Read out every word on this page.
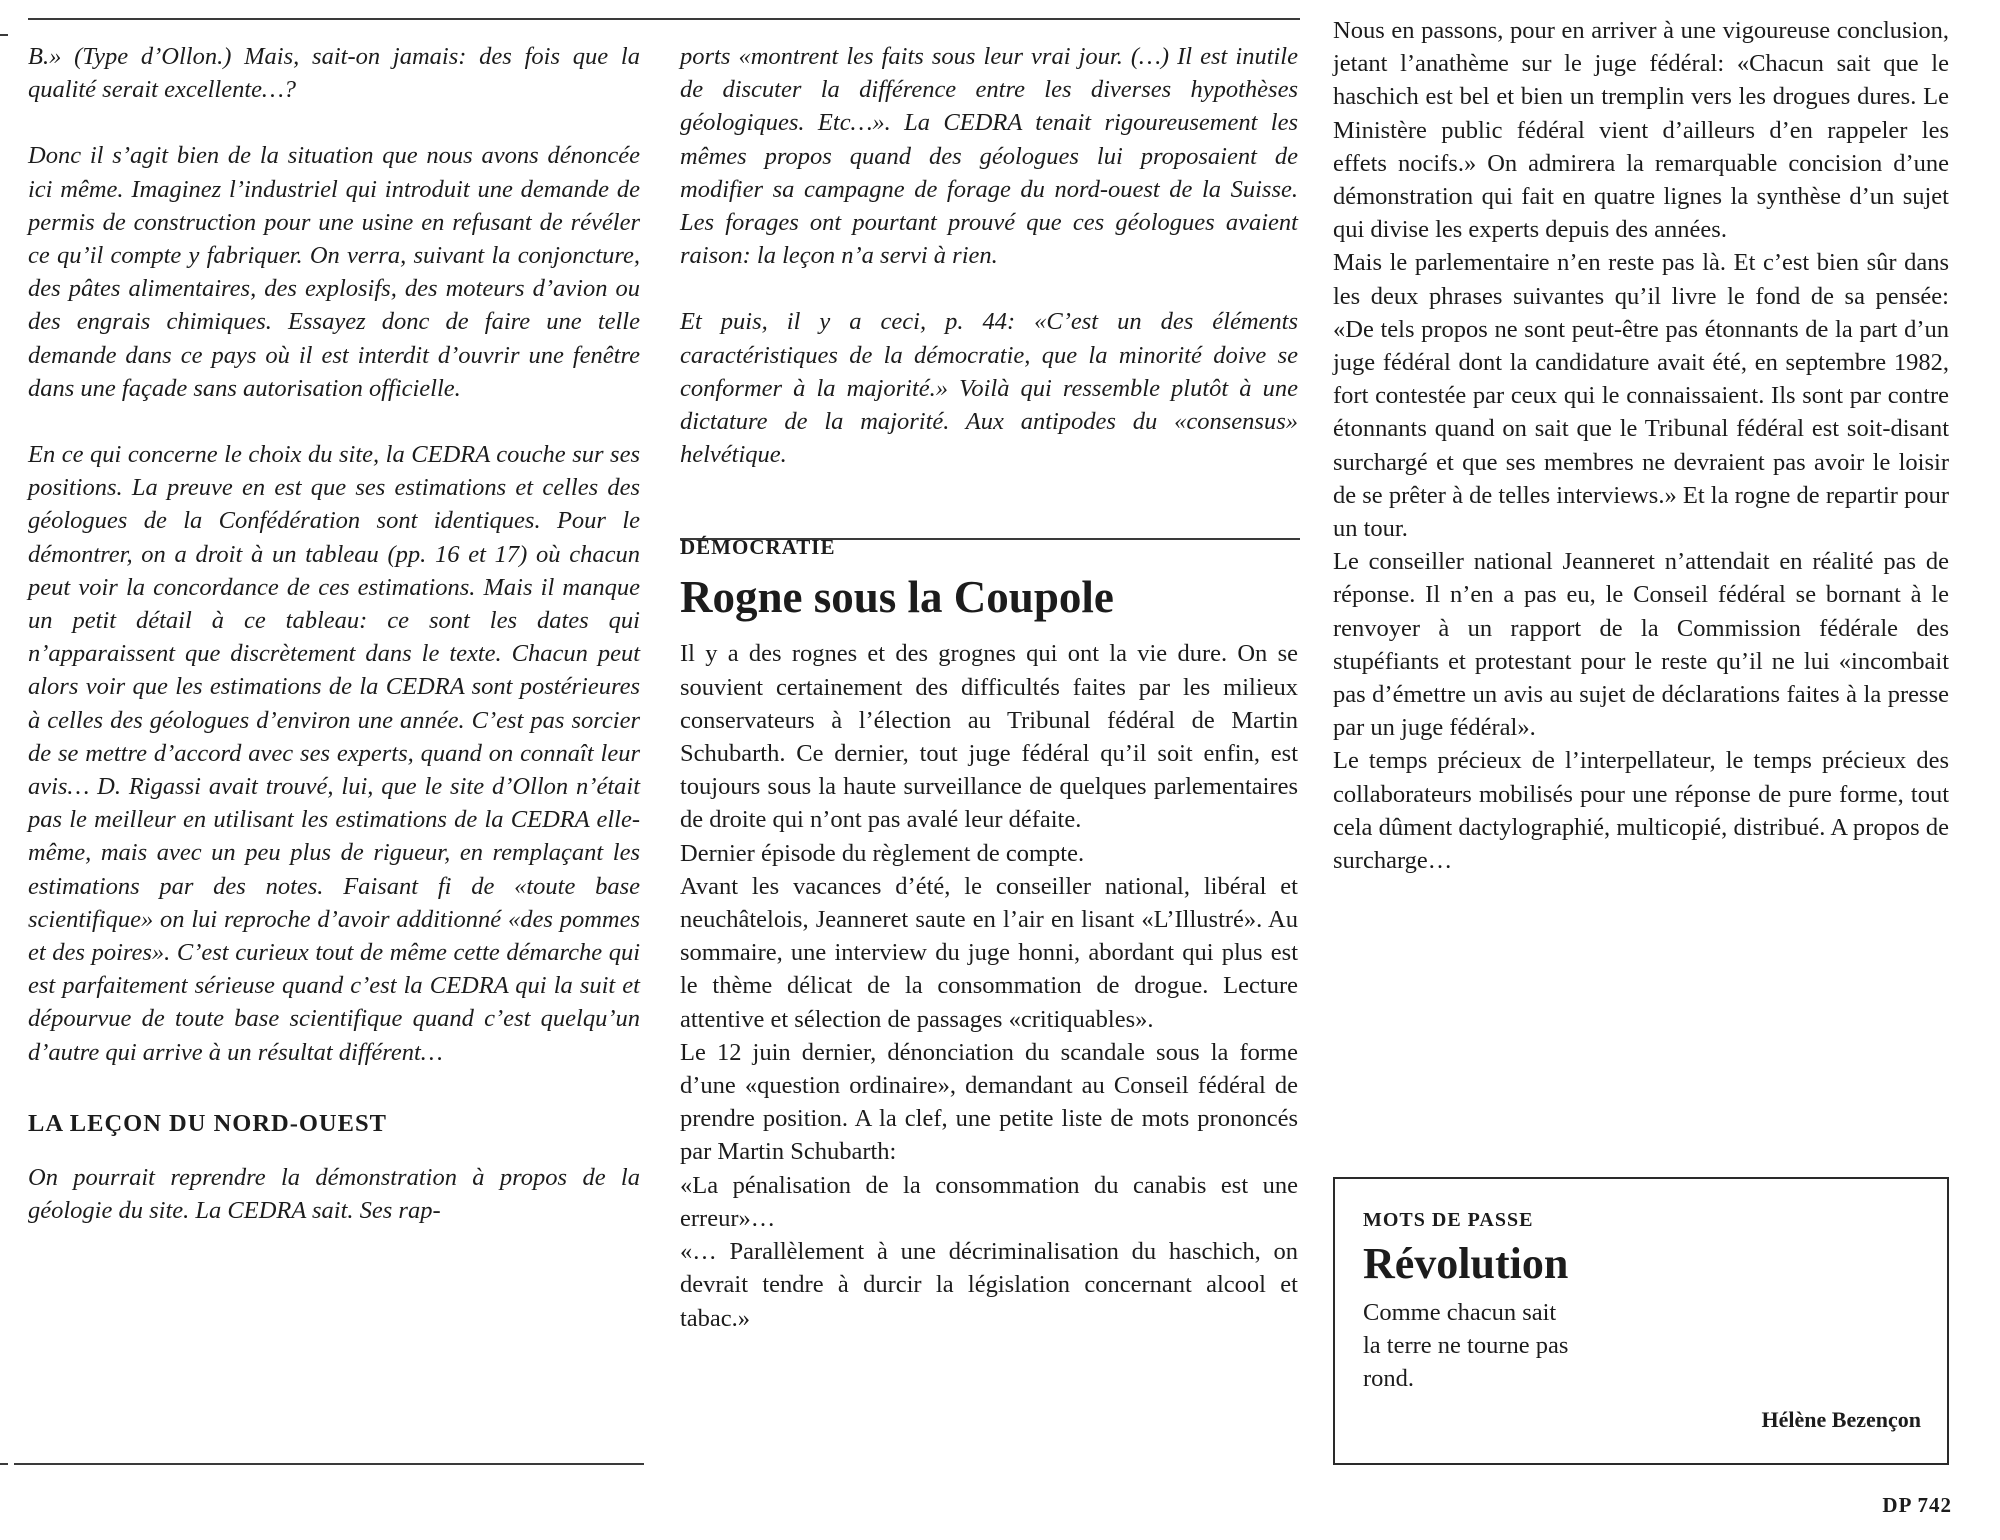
B.» (Type d’Ollon.) Mais, sait-on jamais: des fois que la qualité serait excellente…?

Donc il s’agit bien de la situation que nous avons dénoncée ici même. Imaginez l’industriel qui introduit une demande de permis de construction pour une usine en refusant de révéler ce qu’il compte y fabriquer. On verra, suivant la conjoncture, des pâtes alimentaires, des explosifs, des moteurs d’avion ou des engrais chimiques. Essayez donc de faire une telle demande dans ce pays où il est interdit d’ouvrir une fenêtre dans une façade sans autorisation officielle.

En ce qui concerne le choix du site, la CEDRA couche sur ses positions. La preuve en est que ses estimations et celles des géologues de la Confédération sont identiques. Pour le démontrer, on a droit à un tableau (pp. 16 et 17) où chacun peut voir la concordance de ces estimations. Mais il manque un petit détail à ce tableau: ce sont les dates qui n’apparaissent que discrètement dans le texte. Chacun peut alors voir que les estimations de la CEDRA sont postérieures à celles des géologues d’environ une année. C’est pas sorcier de se mettre d’accord avec ses experts, quand on connaît leur avis… D. Rigassi avait trouvé, lui, que le site d’Ollon n’était pas le meilleur en utilisant les estimations de la CEDRA elle-même, mais avec un peu plus de rigueur, en remplaçant les estimations par des notes. Faisant fi de «toute base scientifique» on lui reproche d’avoir additionné «des pommes et des poires». C’est curieux tout de même cette démarche qui est parfaitement sérieuse quand c’est la CEDRA qui la suit et dépourvue de toute base scientifique quand c’est quelqu’un d’autre qui arrive à un résultat différent…

LA LEÇON DU NORD-OUEST

On pourrait reprendre la démonstration à propos de la géologie du site. La CEDRA sait. Ses rap-

ports «montrent les faits sous leur vrai jour. (…) Il est inutile de discuter la différence entre les diverses hypothèses géologiques. Etc…». La CEDRA tenait rigoureusement les mêmes propos quand des géologues lui proposaient de modifier sa campagne de forage du nord-ouest de la Suisse. Les forages ont pourtant prouvé que ces géologues avaient raison: la leçon n’a servi à rien.

Et puis, il y a ceci, p. 44: «C’est un des éléments caractéristiques de la démocratie, que la minorité doive se conformer à la majorité.» Voilà qui ressemble plutôt à une dictature de la majorité. Aux antipodes du «consensus» helvétique.

DÉMOCRATIE

Rogne sous la Coupole

Il y a des rognes et des grognes qui ont la vie dure. On se souvient certainement des difficultés faites par les milieux conservateurs à l’élection au Tribunal fédéral de Martin Schubarth. Ce dernier, tout juge fédéral qu’il soit enfin, est toujours sous la haute surveillance de quelques parlementaires de droite qui n’ont pas avalé leur défaite.

Dernier épisode du règlement de compte.

Avant les vacances d’été, le conseiller national, libéral et neuchâtelois, Jeanneret saute en l’air en lisant «L’Illustré». Au sommaire, une interview du juge honni, abordant qui plus est le thème délicat de la consommation de drogue. Lecture attentive et sélection de passages «critiquables».

Le 12 juin dernier, dénonciation du scandale sous la forme d’une «question ordinaire», demandant au Conseil fédéral de prendre position. A la clef, une petite liste de mots prononcés par Martin Schubarth:

«La pénalisation de la consommation du canabis est une erreur»…

«… Parallèlement à une décriminalisation du haschich, on devrait tendre à durcir la législation concernant alcool et tabac.»

Nous en passons, pour en arriver à une vigoureuse conclusion, jetant l’anathème sur le juge fédéral: «Chacun sait que le haschich est bel et bien un tremplin vers les drogues dures. Le Ministère public fédéral vient d’ailleurs d’en rappeler les effets nocifs.» On admirera la remarquable concision d’une démonstration qui fait en quatre lignes la synthèse d’un sujet qui divise les experts depuis des années.

Mais le parlementaire n’en reste pas là. Et c’est bien sûr dans les deux phrases suivantes qu’il livre le fond de sa pensée: «De tels propos ne sont peut-être pas étonnants de la part d’un juge fédéral dont la candidature avait été, en septembre 1982, fort contestée par ceux qui le connaissaient. Ils sont par contre étonnants quand on sait que le Tribunal fédéral est soit-disant surchargé et que ses membres ne devraient pas avoir le loisir de se prêter à de telles interviews.» Et la rogne de repartir pour un tour.

Le conseiller national Jeanneret n’attendait en réalité pas de réponse. Il n’en a pas eu, le Conseil fédéral se bornant à le renvoyer à un rapport de la Commission fédérale des stupéfiants et protestant pour le reste qu’il ne lui «incombait pas d’émettre un avis au sujet de déclarations faites à la presse par un juge fédéral».

Le temps précieux de l’interpellateur, le temps précieux des collaborateurs mobilisés pour une réponse de pure forme, tout cela dûment dactylographié, multicopié, distribué. A propos de surcharge…

MOTS DE PASSE

Révolution

Comme chacun sait
la terre ne tourne pas
rond.

Hélène Bezençon
DP 742
